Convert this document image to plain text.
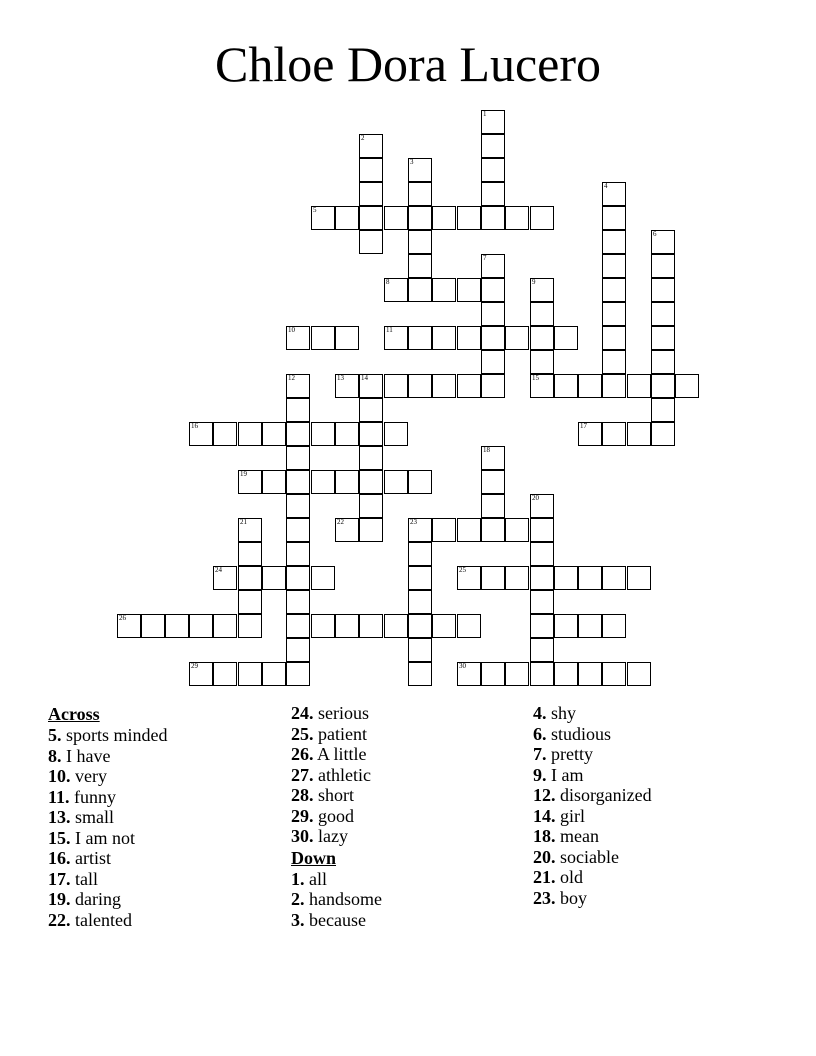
Chloe Dora Lucero
1
2
3
4
5
6
7
8	9
10	11
12	13 14	15
16	17
18
19
20
21	22	23
24	25
26
29	30
Across
5. sports minded
8. I have
10. very
11. funny
13. small
15. I am not
16. artist
17. tall
19. daring
22. talented
24. serious
25. patient
26. A little
27. athletic
28. short
29. good
30. lazy
Down
1. all
2. handsome
3. because
4. shy
6. studious
7. pretty
9. I am
12. disorganized
14. girl
18. mean
20. sociable
21. old
23. boy
